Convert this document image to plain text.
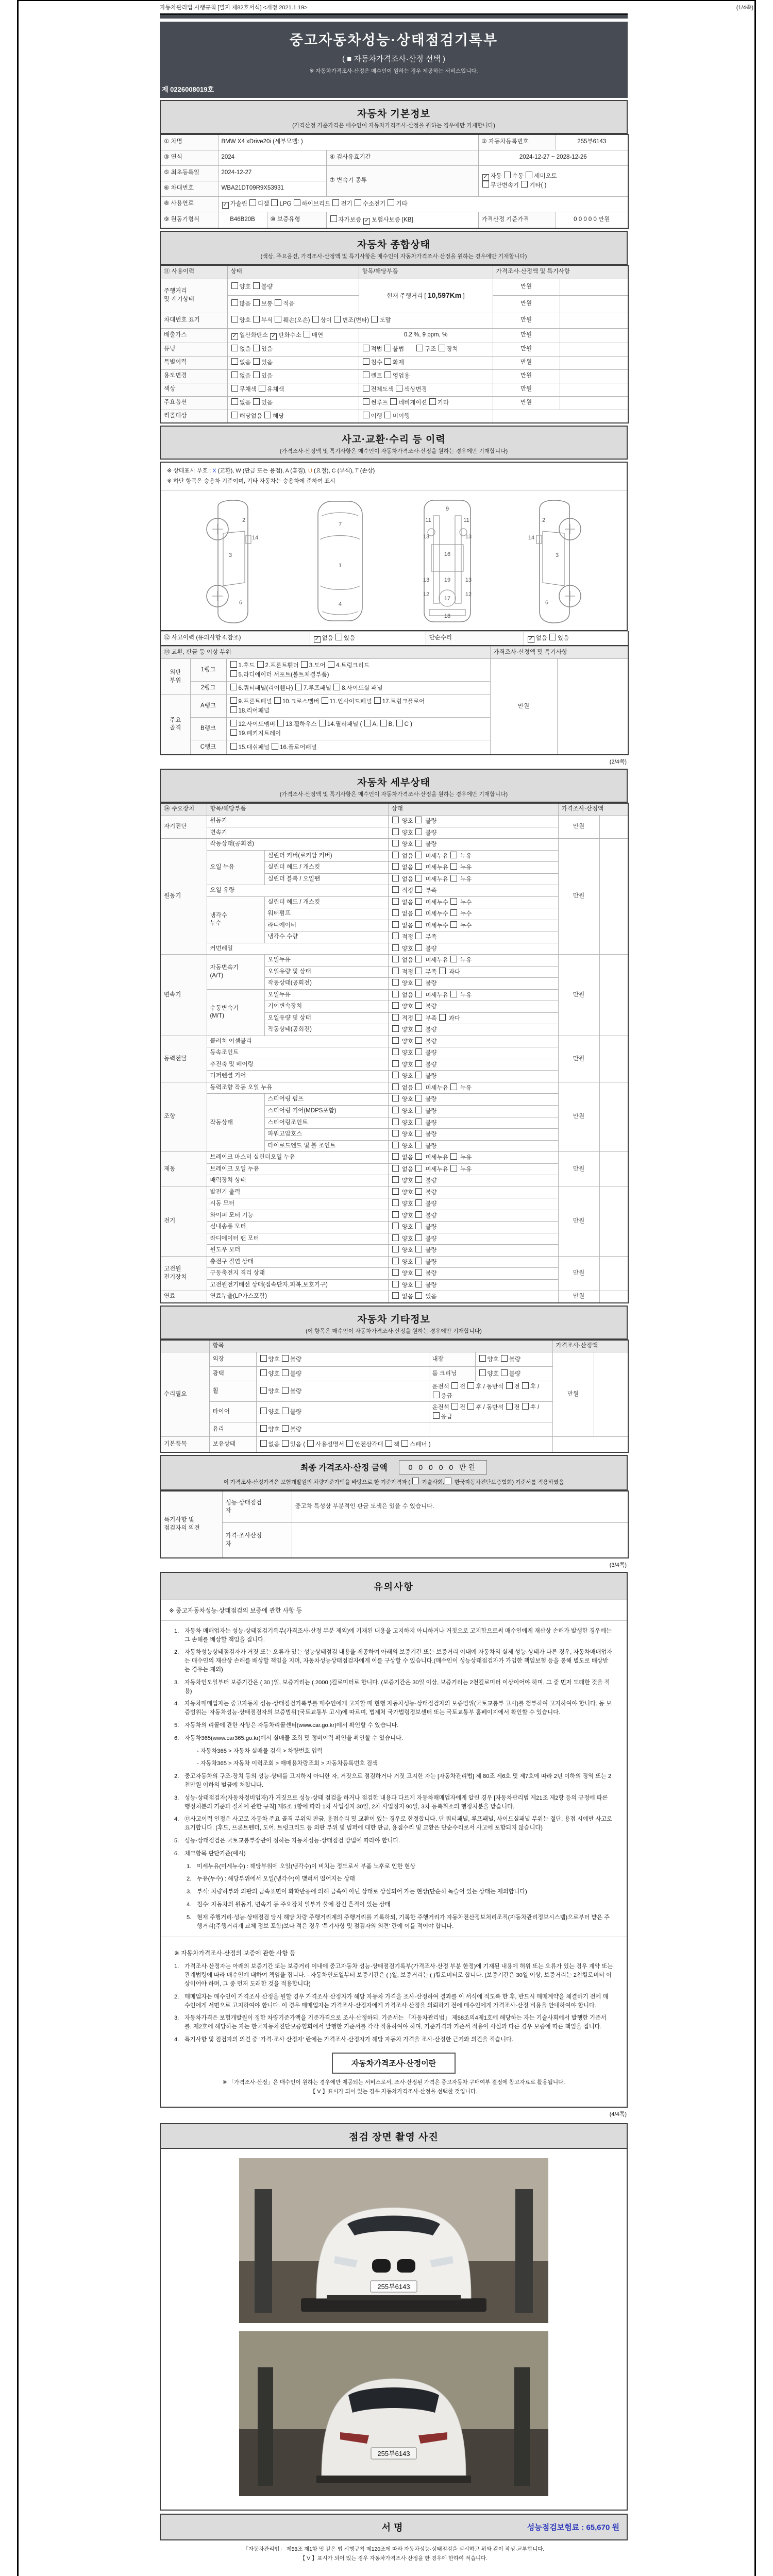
자동차관리법 시행규칙 [별지 제82호서식] <개정 2021.1.19>	(1/4쪽)
중고자동차성능·상태점검기록부
( ■ 자동차가격조사·산정 선택 )
※ 자동차가격조사·산정은 매수인이 원하는 경우 제공하는 서비스입니다.
제 0226008019호
자동차 기본정보
(가격산정 기준가격은 매수인이 자동차가격조사·산정을 원하는 경우에만 기재합니다)
① 차명	BMW X4 xDrive20i (세부모델: )			② 자동차등록번호	255부6143
③ 연식	2024		④ 검사유효기간	2024-12-27 ~ 2028-12-26	
⑤ 최초등록일	2024-12-27		⑦ 변속기 종류	✓ 자동 수동 세미오토
무단변속기 기타( )	
⑥ 차대번호	WBA21DT09R9X53931				
⑧ 사용연료	✓ 가솔린 디젤 LPG 하이브리드 전기 수소전기 기타				
⑨ 원동기형식	B46B20B	⑩ 보증유형	자가보증 ✓ 보험사보증 [KB]	가격산정 기준가격	0 0 0 0 0 만원
자동차 종합상태
(색상, 주요옵션, 가격조사·산정액 및 특기사항은 매수인이 자동차가격조사·산정을 원하는 경우에만 기재합니다)
⑪ 사용이력	상태	항목/해당부품	가격조사·산정액 및 특기사항	
주행거리
및 계기상태	양호 불량	현재 주행거리 [ 10,597Km ]	만원	
	많음 보통 적음		만원	
차대번호 표기	양호 부식 훼손(오손) 상이 변조(변타) 도말		만원	
배출가스	✓ 일산화탄소 ✓ 탄화수소 매연	0.2 %, 9 ppm, %	만원	
튜닝	없음 있음	적법 불법　　구조 장치	만원	
특별이력	없음 있음	침수 화재	만원	
용도변경	없음 있음	렌트 영업용	만원	
색상	무채색 유채색	전체도색 색상변경	만원	
주요옵션	없음 있음	썬루프 네비게이션 기타	만원	
리콜대상	해당없음 해당	이행 미이행		
사고·교환·수리 등 이력
(가격조사·산정액 및 특기사항은 매수인이 자동차가격조사·산정을 원하는 경우에만 기재합니다)
※ 상태표시 부호 : X (교환), W (판금 또는 용접), A (흠집), U (요철), C (부식), T (손상)
※ 하단 항목은 승용차 기준이며, 기타 자동차는 승용차에 준하여 표시
2
14
3
6
7
1
4
9
11	11
13	13
16
13	19	13
12	12
17
18
2
14
3
6
⑫ 사고이력 (유의사항 4.참조)	✓ 없음 있음	단순수리	✓ 없음 있음
⑬ 교환, 판금 등 이상 부위			가격조사·산정액 및 특기사항	
외판
부위	1랭크	1.후드 2.프론트휀더 3.도어 4.트렁크리드
5.라디에이터 서포트(볼트체결부품)	만원	
	2랭크	6.쿼터패널(리어휀다) 7.루프패널 8.사이드실 패널		
주요
골격	A랭크	9.프론트패널 10.크로스멤버 11.인사이드패널 17.트렁크플로어
18.리어패널		
	B랭크	12.사이드멤버 13.휠하우스 14.필러패널 ( A, B, C )
19.패키지트레이		
	C랭크	15.대쉬패널 16.플로어패널		
(2/4쪽)
자동차 세부상태
(가격조사·산정액 및 특기사항은 매수인이 자동차가격조사·산정을 원하는 경우에만 기재합니다)
⑭ 주요장치	항목/해당부품		상태	가격조사·산정액	
자기진단	원동기		양호  불량	만원	
	변속기		양호  불량		
원동기	작동상태(공회전)		양호  불량	만원	
	오일 누유	실린더 커버(로커암 커버)	없음  미세누유  누유		
		실린더 헤드 / 개스킷	없음  미세누유  누유		
		실린더 블록 / 오일팬	없음  미세누유  누유		
	오일 유량		적정  부족		
	냉각수
누수	실린더 헤드 / 개스킷	없음  미세누수  누수		
		워터펌프	없음  미세누수  누수		
		라디에이터	없음  미세누수  누수		
		냉각수 수량	적정  부족		
	커먼레일		양호  불량		
변속기	자동변속기
(A/T)	오일누유	없음  미세누유  누유	만원	
		오일유량 및 상태	적정  부족  과다		
		작동상태(공회전)	양호  불량		
	수동변속기
(M/T)	오일누유	없음  미세누유  누유		
		기어변속장치	양호  불량		
		오일유량 및 상태	적정  부족  과다		
		작동상태(공회전)	양호  불량		
동력전달	클러치 어셈블리		양호  불량	만원	
	등속조인트		양호  불량		
	추진축 및 베어링		양호  불량		
	디퍼렌셜 기어		양호  불량		
조향	동력조향 작동 오일 누유		없음  미세누유  누유	만원	
	작동상태	스티어링 펌프	양호  불량		
		스티어링 기어(MDPS포함)	양호  불량		
		스티어링조인트	양호  불량		
		파워고압호스	양호  불량		
		타이로드엔드 및 볼 조인트	양호  불량		
제동	브레이크 마스터 실린더오일 누유		없음  미세누유  누유	만원	
	브레이크 오일 누유		없음  미세누유  누유		
	배력장치 상태		양호  불량		
전기	발전기 출력		양호  불량	만원	
	시동 모터		양호  불량		
	와이퍼 모터 기능		양호  불량		
	실내송풍 모터		양호  불량		
	라디에이터 팬 모터		양호  불량		
	윈도우 모터		양호  불량		
고전원
전기장치	충전구 절연 상태		양호  불량	만원	
	구동축전지 격리 상태		양호  불량		
	고전원전기배선 상태(접속단자,피복,보호기구)		양호  불량		
연료	연료누출(LP가스포함)		없음  있음	만원	
자동차 기타정보
(이 항목은 매수인이 자동차가격조사·산정을 원하는 경우에만 기재합니다)
	항목				가격조사·산정액	
수리필요	외장	양호 불량	내장	양호 불량	만원	
	광택	양호 불량	룸 크리닝	양호 불량		
	휠	양호 불량	운전석 전 후 / 동반석 전 후 / 응급			
	타이어	양호 불량	운전석 전 후 / 동반석 전 후 / 응급			
	유리	양호 불량				
기본품목	보유상태	없음 있음 ( 사용설명서 안전삼각대 잭 스패너 )				
최종 가격조사·산정 금액	0 0 0 0 0 만원
이 가격조사·산정가격은 보험개발원의 차량기준가액을 바탕으로 한 기준가격과 (  기술사회, 한국자동차진단보증협회) 기준서를 적용하였음
특기사항 및
점검자의 의견	성능·상태점검
자	중고차 특성상 부분적인 판금 도색은 있을 수 있습니다.
	가격·조사산정
자	
(3/4쪽)
유의사항
※ 중고자동차성능·상태점검의 보증에 관한 사항 등
1. 자동차 매매업자는 성능·상태점검기록부(가격조사·산정 부분 제외)에 기재된 내용을 고지하지 아니하거나 거짓으로 고지함으로써 매수인에게 재산상 손해가 발생한 경우에는 그 손해를 배상할 책임을 집니다.
2. 자동차성능상태점검자가 거짓 또는 오류가 있는 성능상태점검 내용을 제공하여 아래의 보증기간 또는 보증거리 이내에 자동차의 실제 성능·상태가 다른 경우, 자동차매매업자는 매수인의 재산상 손해를 배상할 책임을 지며, 자동차성능상태점검자에게 이를 구상할 수 있습니다.(매수인이 성능상태점검자가 가입한 책임보험 등을 통해 별도로 배상받는 경우는 제외)
3. 자동차인도일부터 보증기간은 ( 30 )일, 보증거리는 ( 2000 )킬로미터로 합니다. (보증기간은 30일 이상, 보증거리는 2천킬로미터 이상이어야 하며, 그 중 먼저 도래한 것을 적용)
4. 자동차매매업자는 중고자동차 성능·상태점검기록부를 매수인에게 고지할 때 현행 자동차성능·상태점검자의 보증범위(국토교통부 고시)를 첨부하여 고지하여야 합니다. 동 보증범위는 '자동차성능·상태점검자의 보증범위'(국토교통부 고시)에 따르며, 법제처 국가법령정보센터 또는 국토교통부 홈페이지에서 확인할 수 있습니다.
5. 자동차의 리콜에 관한 사항은 자동차리콜센터(www.car.go.kr)에서 확인할 수 있습니다.
6. 자동차365(www.car365.go.kr)에서 실매물 조회 및 정비이력 확인을 확인할 수 있습니다.
- 자동차365 > 자동차 실매물 검색 > 차량번호 입력
- 자동차365 > 자동차 이력조회 > 매매용차량조회 > 자동차등록번호 검색
2. 중고자동차의 구조·장치 등의 성능·상태를 고지하지 아니한 자, 거짓으로 점검하거나 거짓 고지한 자는 [자동차관리법] 제 80조 제6호 및 제7호에 따라 2년 이하의 징역 또는 2천만원 이하의 벌금에 처합니다.
3. 성능·상태점검자(자동차정비업자)가 거짓으로 성능·상태 점검을 하거나 점검한 내용과 다르게 자동차매매업자에게 알린 경우 [자동차관리법 제21조 제2항 등의 규정에 따른 행정처분의 기준과 절차에 관한 규칙] 제5조 1항에 따라 1차 사업정지 30일, 2차 사업정지 90일, 3차 등록취소의 행정처분을 받습니다.
4. ⑫사고이력 인정은 사고로 자동차 주요 골격 부위의 판금, 용접수리 및 교환이 있는 경우로 한정합니다. 단 쿼터패널, 루프패널, 사이드실패널 부위는 절단, 용접 시에만 사고로 표기합니다. (후드, 프론트펜더, 도어, 트렁크리드 등 외판 부위 및 범퍼에 대한 판금, 용접수리 및 교환은 단순수리로서 사고에 포함되지 않습니다)
5. 성능·상태점검은 국토교통부장관이 정하는 자동차성능·상태점검 방법에 따라야 합니다.
6. 체크항목 판단기준(예시)
1. 미세누유(미세누수) : 해당부위에 오일(냉각수)이 비치는 정도로서 부품 노후로 인한 현상
2. 누유(누수) : 해당부위에서 오일(냉각수)이 맺혀서 떨어지는 상태
3. 부식: 차량하부와 외판의 금속표면이 화학반응에 의해 금속이 아닌 상태로 상실되어 가는 현상(단순히 녹슬어 있는 상태는 제외합니다)
4. 침수: 자동차의 원동기, 변속기 등 주요장치 일부가 물에 잠긴 흔적이 있는 상태
5. 현재 주행거리·성능·상태점검 당시 해당 차량 주행거리계의 주행거리를 기록하되, 기록한 주행거리가 자동차전산정보처리조직(자동차관리정보시스템)으로부터 받은 주행거리(주행거리계 교체 정보 포함)보다 적은 경우 '특기사항 및 점검자의 의견' 란에 이를 적어야 합니다.
※ 자동차가격조사·산정의 보증에 관한 사항 등
1. 가격조사·산정자는 아래의 보증기간 또는 보증거리 이내에 중고자동차 성능·상태점검기록부(가격조사·산정 부분 한정)에 기재된 내용에 허위 또는 오류가 있는 경우 계약 또는 관계법령에 따라 매수인에 대하여 책임을 집니다. · 자동차인도일부터 보증기간은 ( )일, 보증거리는 ( )킬로미터로 합니다. (보증기간은 30일 이상, 보증거리는 2천킬로미터 이상이어야 하며, 그 중 먼저 도래한 것을 적용합니다)
2. 매매업자는 매수인이 가격조사·산정을 원할 경우 가격조사·산정자가 해당 자동차 가격을 조사·산정하여 결과를 이 서식에 적도록 한 후, 반드시 매매계약을 체결하기 전에 매수인에게 서면으로 고지하여야 합니다. 이 경우 매매업자는 가격조사·산정자에게 가격조사·산정을 의뢰하기 전에 매수인에게 가격조사·산정 비용을 안내하여야 합니다.
3. 자동차가격은 보험개발원이 정한 차량기준가액을 기준가격으로 조사·산정하되, 기준서는 「자동차관리법」 제58조의4제1호에 해당하는 자는 기술사회에서 발행한 기준서를, 제2호에 해당하는 자는 한국자동차진단보증협회에서 발행한 기준서를 각각 적용하여야 하며, 기준가격과 기준서 적용이 사실과 다른 경우 보증에 따른 책임을 집니다.
4. 특기사항 및 점검자의 의견 중 '가격·조사 산정자' 란에는 가격조사·산정자가 해당 자동차 가격을 조사·산정한 근거와 의견을 적습니다.
자동차가격조사·산정이란
※ 「가격조사·산정」은 매수인이 원하는 경우에만 제공되는 서비스로서, 조사·산정된 가격은 중고자동차 구매여부 결정에 참고자료로 활용됩니다.
【 V 】표시가 되어 있는 경우 자동차가격조사·산정을 선택한 것입니다.
(4/4쪽)
점검 장면 촬영 사진
255부6143
255부6143
서명	성능점검보험료 : 65,670 원
「자동차관리법」 제58조 제1항 및 같은 법 시행규칙 제120조에 따라 자동차성능·상태점검을 실시하고 위와 같이 작성·교부합니다.
【 V 】표시가 되어 있는 경우 자동차가격조사·산정을 한 경우에 한하여 적습니다.
